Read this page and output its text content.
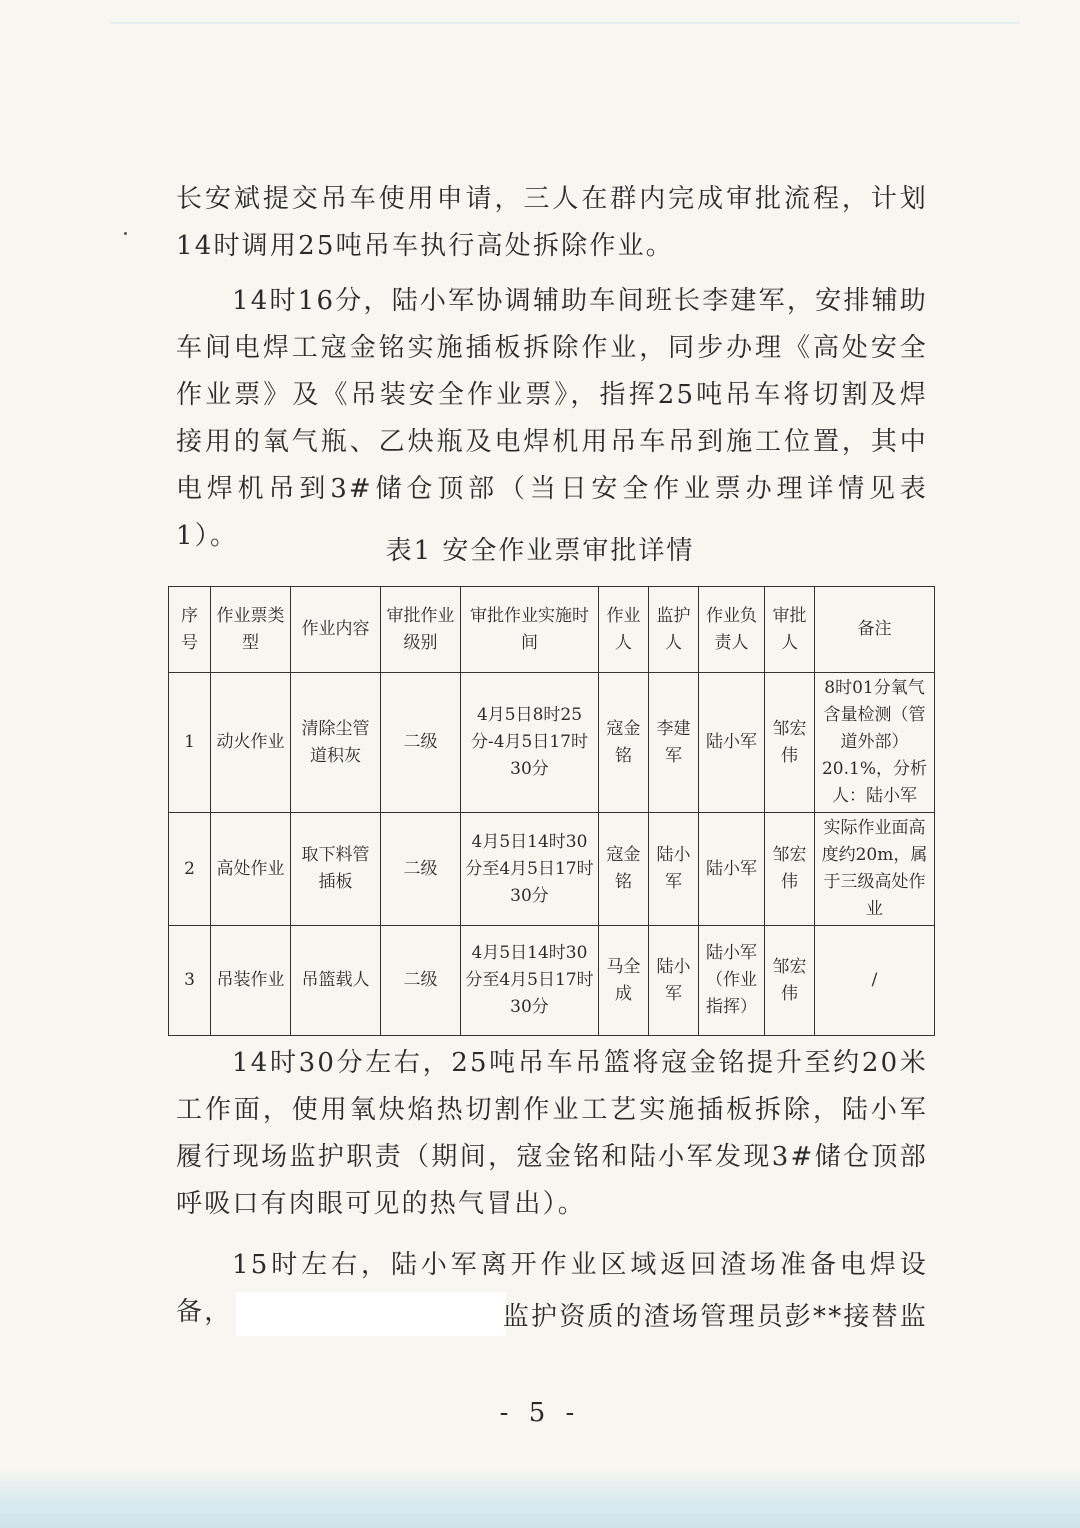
长安斌提交吊车使用申请，三人在群内完成审批流程，计划14时调用25吨吊车执行高处拆除作业。

14时16分，陆小军协调辅助车间班长李建军，安排辅助车间电焊工寇金铭实施插板拆除作业，同步办理《高处安全作业票》及《吊装安全作业票》，指挥25吨吊车将切割及焊接用的氧气瓶、乙炔瓶及电焊机用吊车吊到施工位置，其中电焊机吊到3#储仓顶部（当日安全作业票办理详情见表1）。	表1 安全作业票审批详情
序号	作业票类型	作业内容	审批作业级别	审批作业实施时间	作业人	监护人	作业负责人	审批人	备注
1	动火作业	清除尘管道积灰	二级	4月5日8时25分-4月5日17时30分	寇金铭	李建军	陆小军	邹宏伟	8时01分氧气含量检测（管道外部）20.1%，分析人：陆小军
2	高处作业	取下料管插板	二级	4月5日14时30分至4月5日17时30分	寇金铭	陆小军	陆小军	邹宏伟	实际作业面高度约20m，属于三级高处作业
3	吊装作业	吊篮载人	二级	4月5日14时30分至4月5日17时30分	马全成	陆小军	陆小军（作业指挥）	邹宏伟	/

14时30分左右，25吨吊车吊篮将寇金铭提升至约20米工作面，使用氧炔焰热切割作业工艺实施插板拆除，陆小军履行现场监护职责（期间，寇金铭和陆小军发现3#储仓顶部呼吸口有肉眼可见的热气冒出）。

15时左右，陆小军离开作业区域返回渣场准备电焊设备，	监护资质的渣场管理员彭**接替监

- 5 -
